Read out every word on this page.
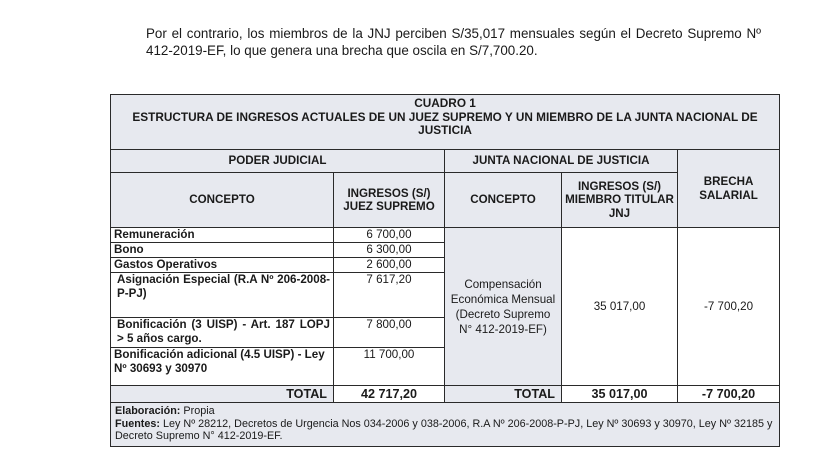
Por el contrario, los miembros de la JNJ perciben S/35,017 mensuales según el Decreto Supremo Nº 412-2019-EF, lo que genera una brecha que oscila en S/7,700.20.

CUADRO 1
ESTRUCTURA DE INGRESOS ACTUALES DE UN JUEZ SUPREMO Y UN MIEMBRO DE LA JUNTA NACIONAL DE JUSTICIA				

PODER JUDICIAL		JUNTA NACIONAL DE JUSTICIA		BRECHA SALARIAL
CONCEPTO	INGRESOS (S/) JUEZ SUPREMO	CONCEPTO	INGRESOS (S/) MIEMBRO TITULAR JNJ	
Remuneración	6 700,00	Compensación Económica Mensual (Decreto Supremo N° 412-2019-EF)	35 017,00	-7 700,20
Bono	6 300,00			
Gastos Operativos	2 600,00			
Asignación Especial (R.A Nº 206-2008-P-PJ)	7 617,20			
Bonificación (3 UISP) - Art. 187 LOPJ > 5 años cargo.	7 800,00			
Bonificación adicional (4.5 UISP) - Ley Nº 30693 y 30970	11 700,00			
TOTAL	42 717,20	TOTAL	35 017,00	-7 700,20

Elaboración: Propia
Fuentes: Ley Nº 28212, Decretos de Urgencia Nos 034-2006 y 038-2006, R.A Nº 206-2008-P-PJ, Ley Nº 30693 y 30970, Ley Nº 32185 y Decreto Supremo N° 412-2019-EF.				
